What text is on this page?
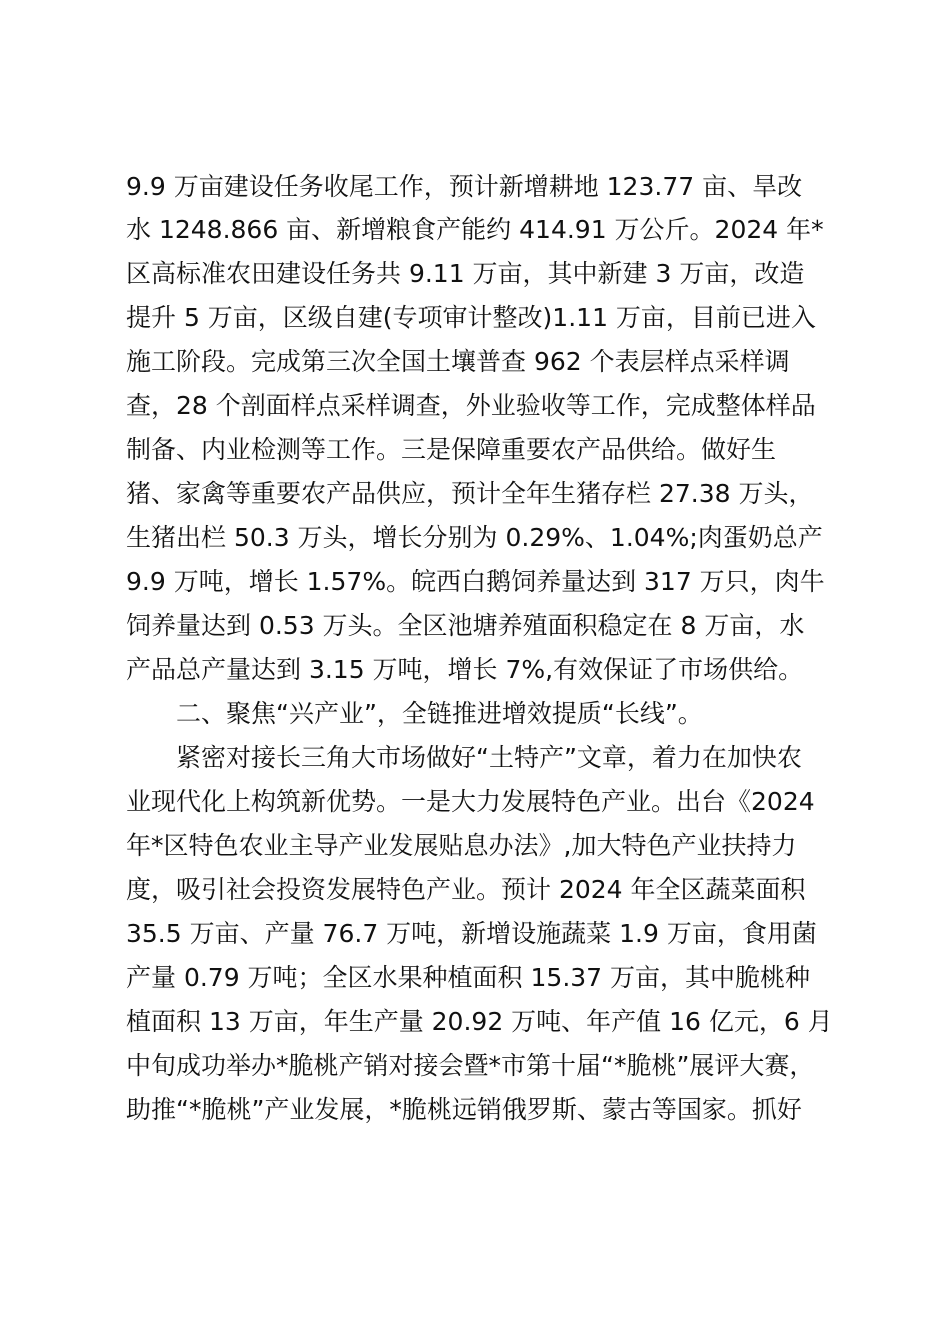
9.9 万亩建设任务收尾工作，预计新增耕地 123.77 亩、旱改
水 1248.866 亩、新增粮食产能约 414.91 万公斤。2024 年*
区高标准农田建设任务共 9.11 万亩，其中新建 3 万亩，改造
提升 5 万亩，区级自建(专项审计整改)1.11 万亩，目前已进入
施工阶段。完成第三次全国土壤普查 962 个表层样点采样调
查，28 个剖面样点采样调查，外业验收等工作，完成整体样品
制备、内业检测等工作。三是保障重要农产品供给。做好生
猪、家禽等重要农产品供应，预计全年生猪存栏 27.38 万头，
生猪出栏 50.3 万头，增长分别为 0.29%、1.04%;肉蛋奶总产
9.9 万吨，增长 1.57%。皖西白鹅饲养量达到 317 万只，肉牛
饲养量达到 0.53 万头。全区池塘养殖面积稳定在 8 万亩，水
产品总产量达到 3.15 万吨，增长 7%,有效保证了市场供给。
二、聚焦“兴产业”，全链推进增效提质“长线”。
紧密对接长三角大市场做好“土特产”文章，着力在加快农
业现代化上构筑新优势。一是大力发展特色产业。出台《2024
年*区特色农业主导产业发展贴息办法》,加大特色产业扶持力
度，吸引社会投资发展特色产业。预计 2024 年全区蔬菜面积
35.5 万亩、产量 76.7 万吨，新增设施蔬菜 1.9 万亩，食用菌
产量 0.79 万吨；全区水果种植面积 15.37 万亩，其中脆桃种
植面积 13 万亩，年生产量 20.92 万吨、年产值 16 亿元，6 月
中旬成功举办*脆桃产销对接会暨*市第十届“*脆桃”展评大赛，
助推“*脆桃”产业发展，*脆桃远销俄罗斯、蒙古等国家。抓好
